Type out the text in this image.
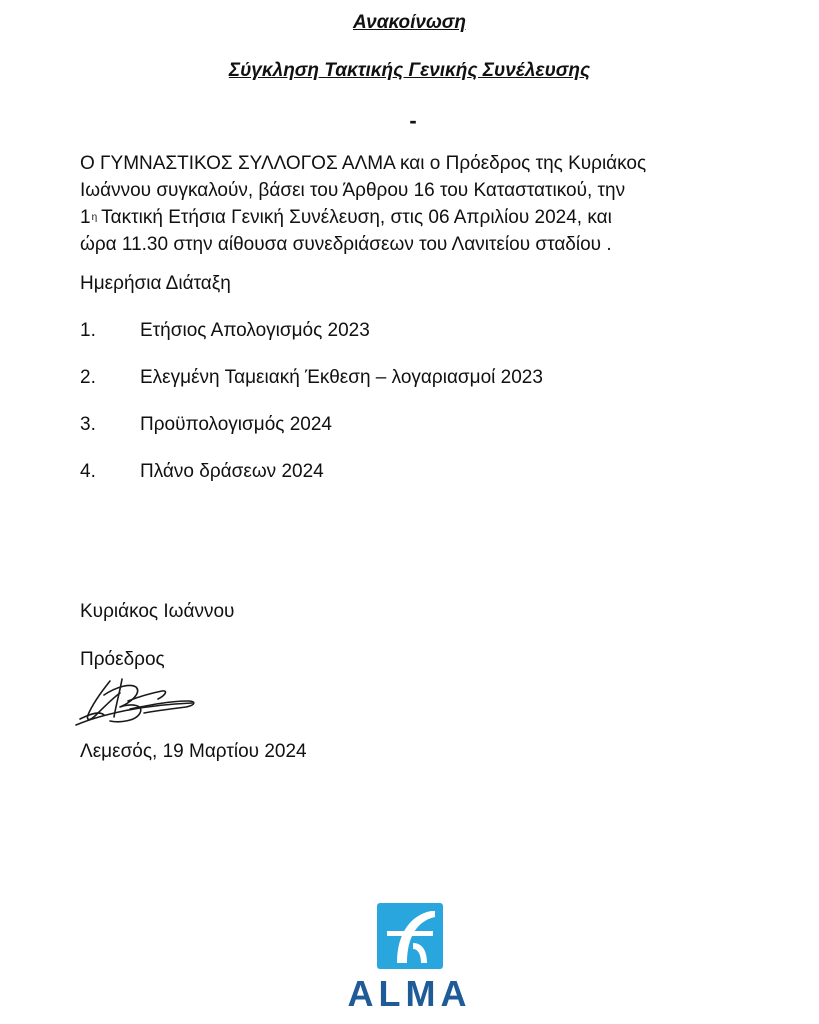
Ανακοίνωση
Σύγκληση Τακτικής Γενικής Συνέλευσης
-
Ο ΓΥΜΝΑΣΤΙΚΟΣ ΣΥΛΛΟΓΟΣ ΑΛΜΑ και ο Πρόεδρος της Κυριάκος
Ιωάννου συγκαλούν, βάσει του Άρθρου 16 του Καταστατικού, την
1η Τακτική Ετήσια Γενική Συνέλευση, στις 06 Απριλίου 2024, και
ώρα 11.30 στην αίθουσα συνεδριάσεων του Λανιτείου σταδίου .
Ημερήσια Διάταξη
1. Ετήσιος Απολογισμός 2023
2. Ελεγμένη Ταμειακή Έκθεση – λογαριασμοί 2023
3. Προϋπολογισμός 2024
4. Πλάνο δράσεων 2024
Κυριάκος Ιωάννου
Πρόεδρος
Λεμεσός, 19 Μαρτίου 2024
ALMA
